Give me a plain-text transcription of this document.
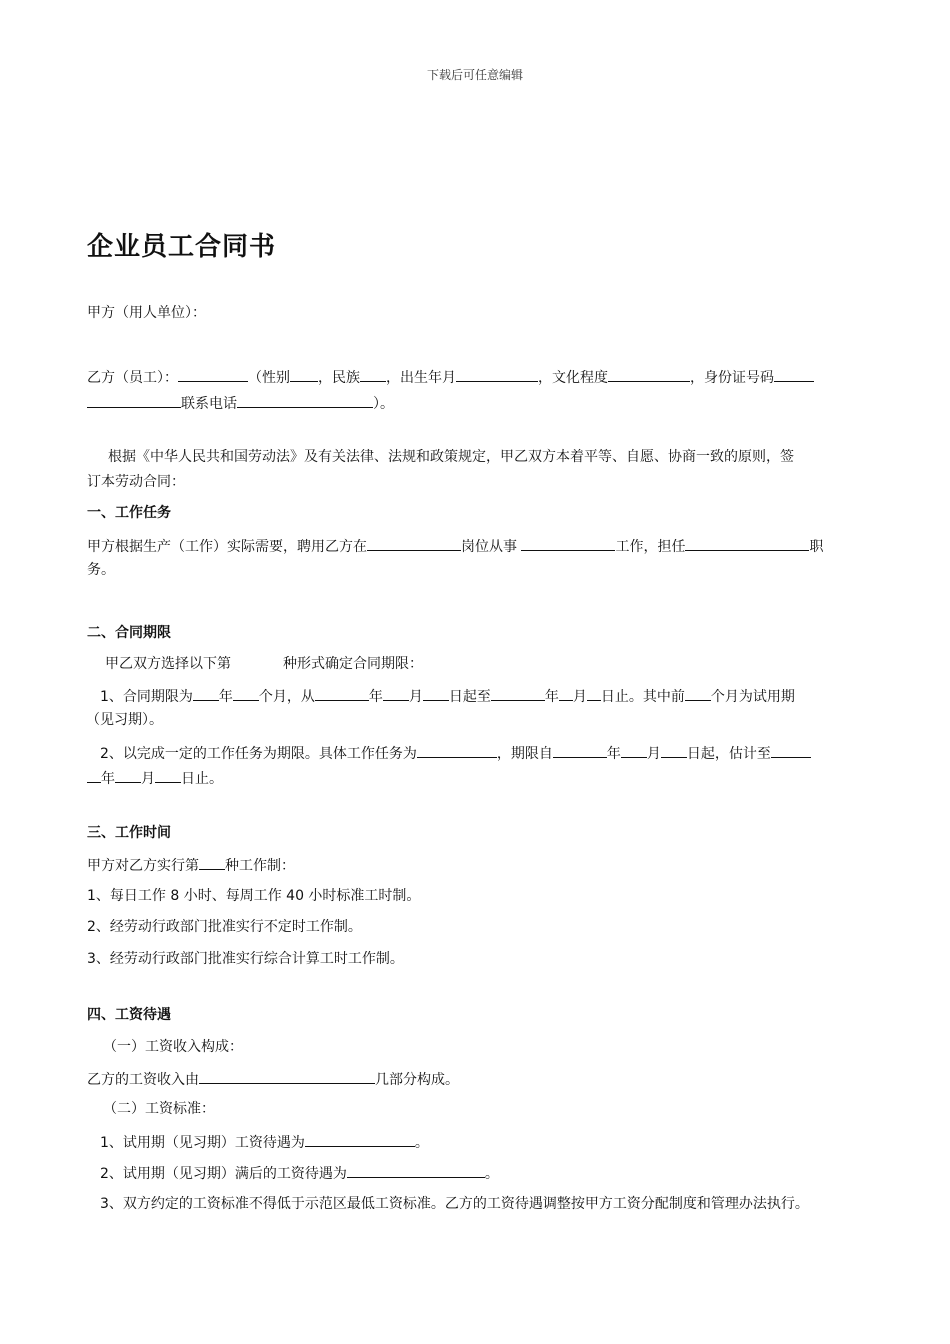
下载后可任意编辑
企业员工合同书
甲方（用人单位）：
乙方（员工）：	（性别 ，民族 ，出生年月	，文化程度	，身份证号码
联系电话	）。
根据《中华人民共和国劳动法》及有关法律、法规和政策规定，甲乙双方本着平等、自愿、协商一致的原则，签
订本劳动合同：
一、工作任务
甲方根据生产（工作）实际需要，聘用乙方在	岗位从事	工作，担任	职
务。
二、合同期限
甲乙双方选择以下第	种形式确定合同期限：
1、合同期限为 年 个月，从	年 月 日起至	年 月 日止。其中前 个月为试用期
（见习期）。
2、以完成一定的工作任务为期限。具体工作任务为	，期限自	年 月 日起，估计至
年 月 日止。
三、工作时间
甲方对乙方实行第 种工作制：
1、每日工作 8 小时、每周工作 40 小时标准工时制。
2、经劳动行政部门批准实行不定时工作制。
3、经劳动行政部门批准实行综合计算工时工作制。
四、工资待遇
（一）工资收入构成：
乙方的工资收入由	几部分构成。
（二）工资标准：
1、试用期（见习期）工资待遇为	。
2、试用期（见习期）满后的工资待遇为	。
3、双方约定的工资标准不得低于示范区最低工资标准。乙方的工资待遇调整按甲方工资分配制度和管理办法执行。
